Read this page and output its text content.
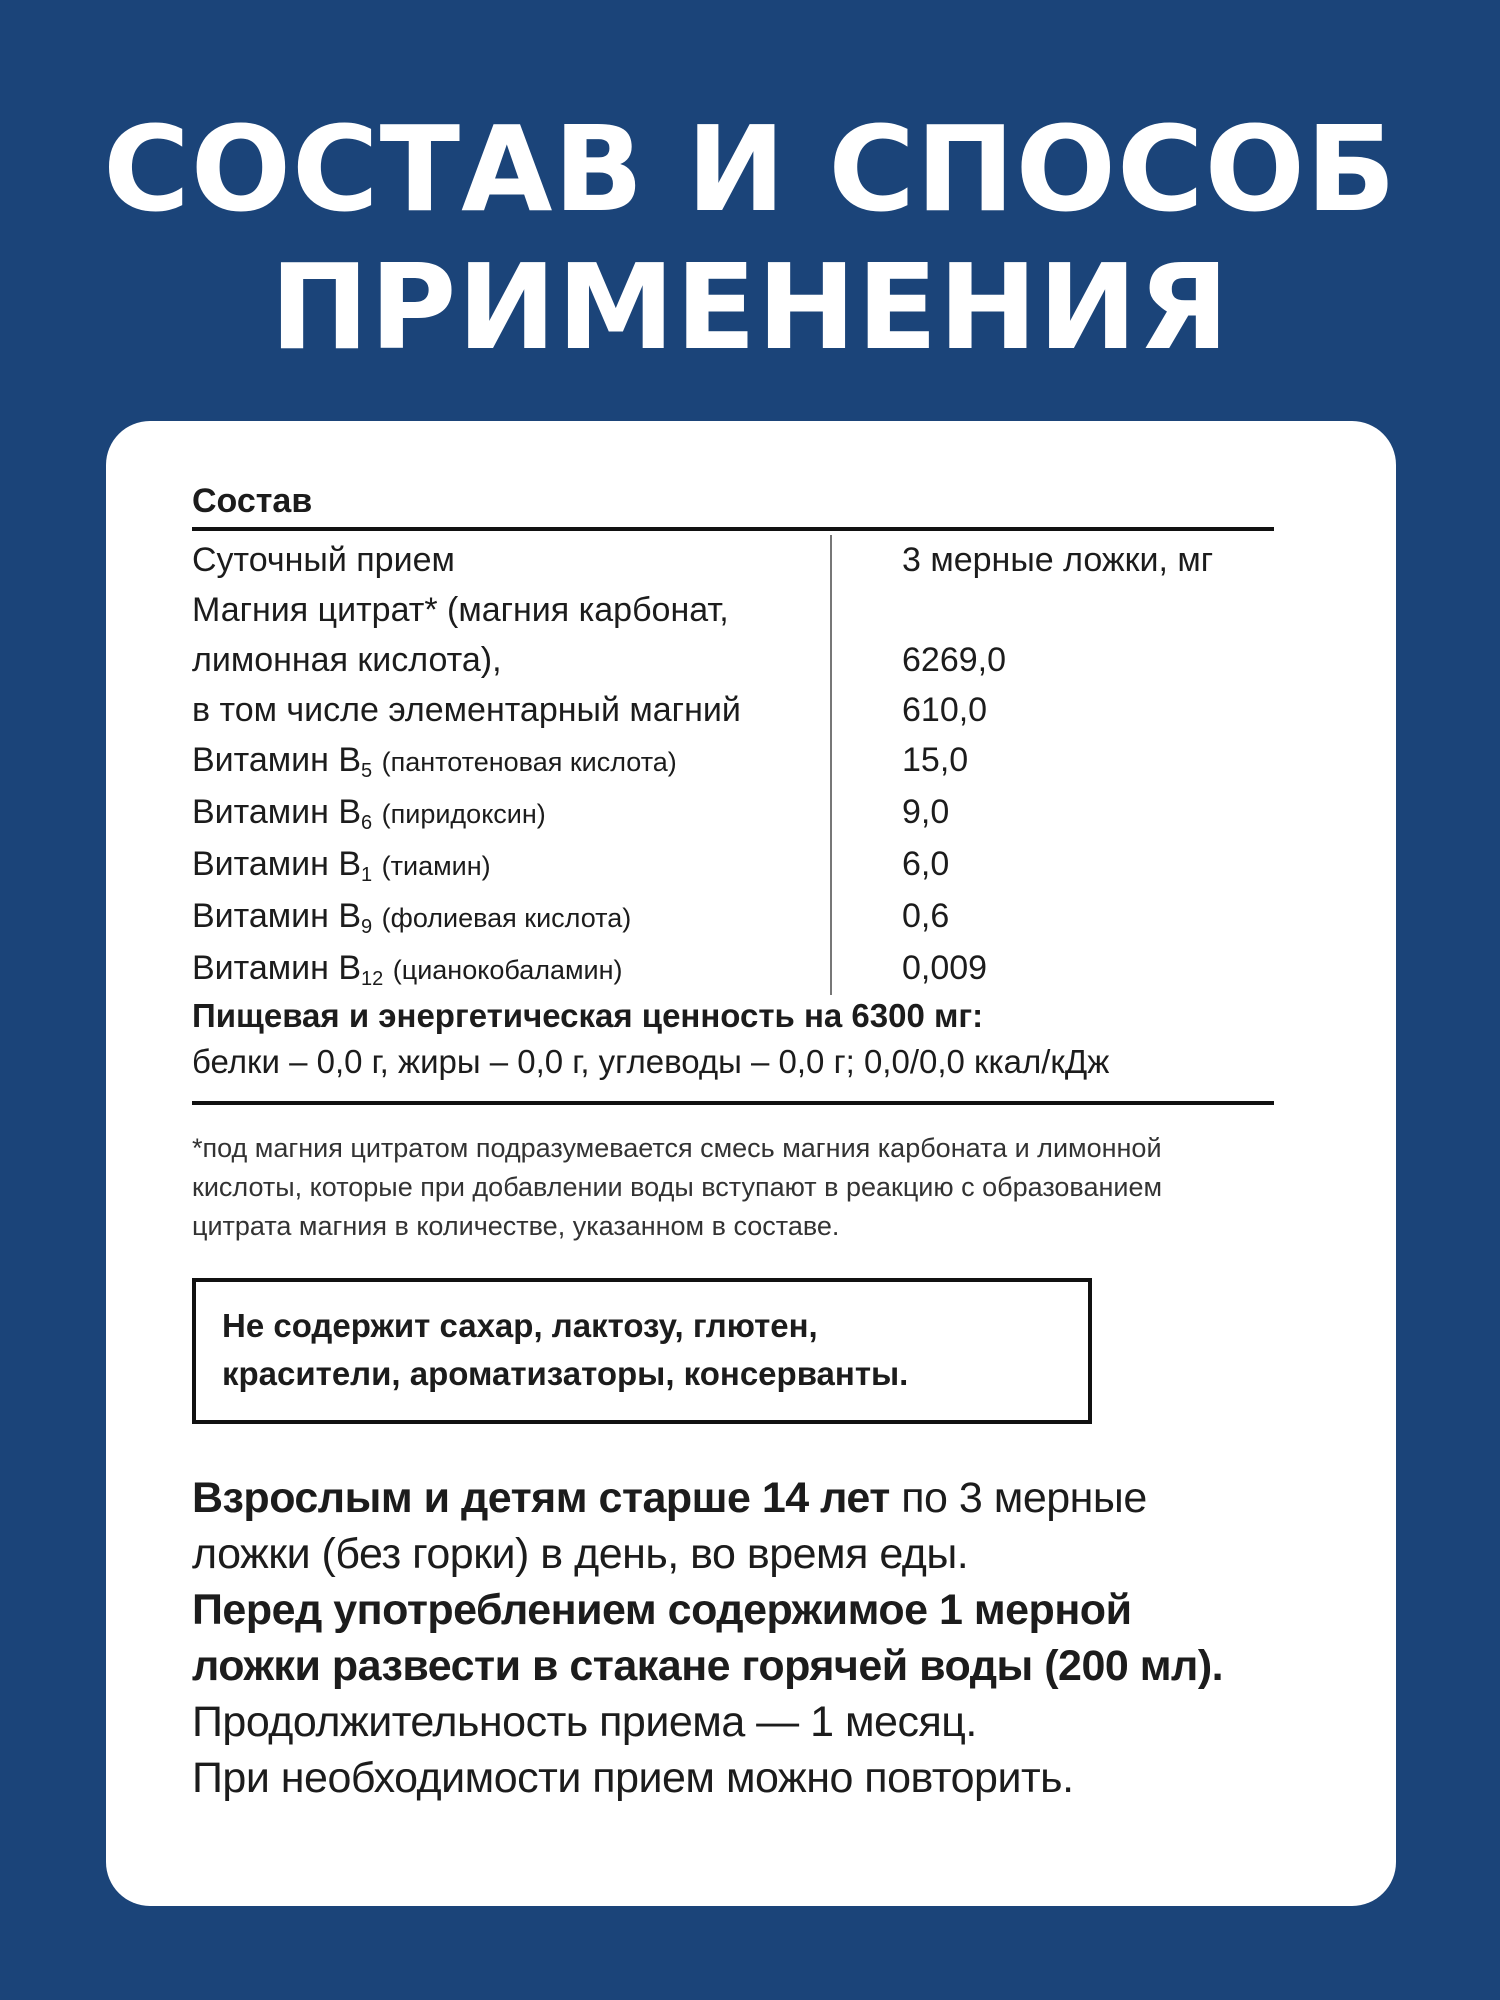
СОСТАВ И СПОСОБ
ПРИМЕНЕНИЯ
Состав
Суточный прием	3 мерные ложки, мг
Магния цитрат* (магния карбонат,
лимонная кислота),	6269,0
в том числе элементарный магний	610,0
Витамин $B_5$ (пантотеновая кислота)	15,0
Витамин $B_6$ (пиридоксин)	9,0
Витамин $B_1$ (тиамин)	6,0
Витамин $B_9$ (фолиевая кислота)	0,6
Витамин $B_{12}$ (цианокобаламин)	0,009
Пищевая и энергетическая ценность на 6300 мг:
белки – 0,0 г, жиры – 0,0 г, углеводы – 0,0 г; 0,0/0,0 ккал/кДж
*под магния цитратом подразумевается смесь магния карбоната и лимонной
кислоты, которые при добавлении воды вступают в реакцию с образованием
цитрата магния в количестве, указанном в составе.
Не содержит сахар, лактозу, глютен,
красители, ароматизаторы, консерванты.
Взрослым и детям старше 14 лет по 3 мерные
ложки (без горки) в день, во время еды.
Перед употреблением содержимое 1 мерной
ложки развести в стакане горячей воды (200 мл).
Продолжительность приема — 1 месяц.
При необходимости прием можно повторить.
